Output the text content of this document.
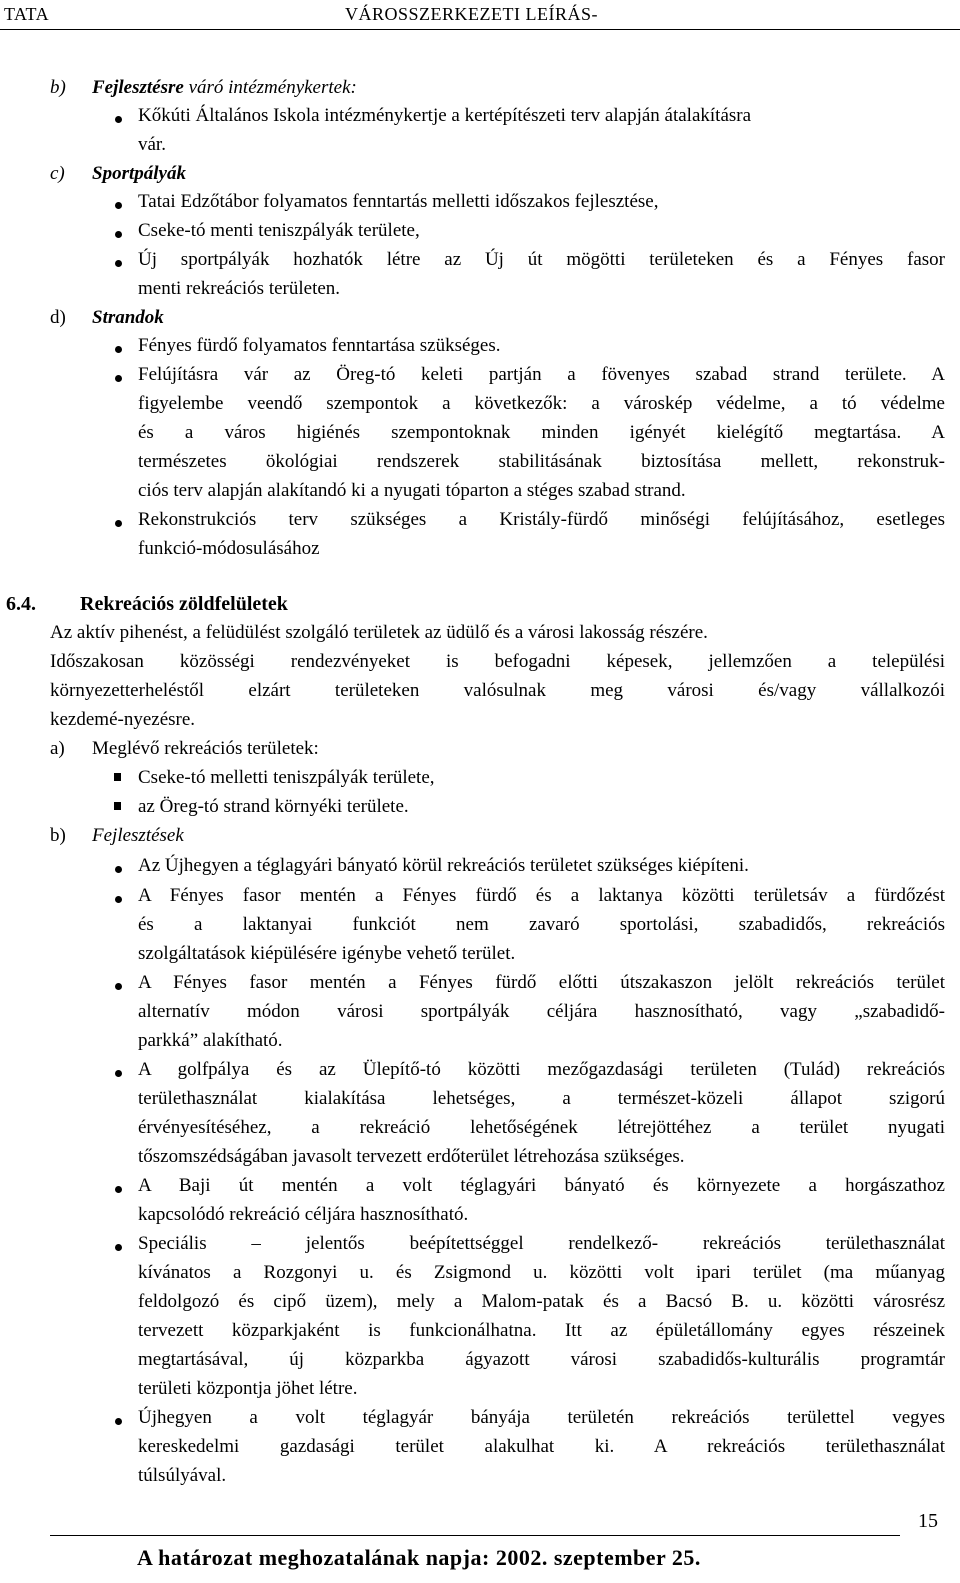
TATA	VÁROSSZERKEZETI LEÍRÁS-
b) Fejlesztésre váró intézménykertek:
Kőkúti Általános Iskola intézménykertje a kertépítészeti terv alapján átalakításra
vár.
c) Sportpályák
Tatai Edzőtábor folyamatos fenntartás melletti időszakos fejlesztése,
Cseke-tó menti teniszpályák területe,
Új sportpályák hozhatók létre az Új út mögötti területeken és a Fényes fasor
menti rekreációs területen.
d) Strandok
Fényes fürdő folyamatos fenntartása szükséges.
Felújításra vár az Öreg-tó keleti partján a fövenyes szabad strand területe. A
figyelembe veendő szempontok a következők: a városkép védelme, a tó védelme
és a város higiénés szempontoknak minden igényét kielégítő megtartása. A
természetes ökológiai rendszerek stabilitásának biztosítása mellett, rekonstruk-
ciós terv alapján alakítandó ki a nyugati tóparton a stéges szabad strand.
Rekonstrukciós terv szükséges a Kristály-fürdő minőségi felújításához, esetleges
funkció-módosulásához
6.4. Rekreációs zöldfelületek
Az aktív pihenést, a felüdülést szolgáló területek az üdülő és a városi lakosság részére.
Időszakosan közösségi rendezvényeket is befogadni képesek, jellemzően a települési
környezetterheléstől elzárt területeken valósulnak meg városi és/vagy vállalkozói
kezdemé-nyezésre.
a) Meglévő rekreációs területek:
Cseke-tó melletti teniszpályák területe,
az Öreg-tó strand környéki területe.
b) Fejlesztések
Az Újhegyen a téglagyári bányató körül rekreációs területet szükséges kiépíteni.
A Fényes fasor mentén a Fényes fürdő és a laktanya közötti területsáv a fürdőzést
és a laktanyai funkciót nem zavaró sportolási, szabadidős, rekreációs
szolgáltatások kiépülésére igénybe vehető terület.
A Fényes fasor mentén a Fényes fürdő előtti útszakaszon jelölt rekreációs terület
alternatív módon városi sportpályák céljára hasznosítható, vagy „szabadidő-
parkká” alakítható.
A golfpálya és az Ülepítő-tó közötti mezőgazdasági területen (Tulád) rekreációs
területhasználat kialakítása lehetséges, a természet-közeli állapot szigorú
érvényesítéséhez, a rekreáció lehetőségének létrejöttéhez a terület nyugati
tőszomszédságában javasolt tervezett erdőterület létrehozása szükséges.
A Baji út mentén a volt téglagyári bányató és környezete a horgászathoz
kapcsolódó rekreáció céljára hasznosítható.
Speciális – jelentős beépítettséggel rendelkező- rekreációs területhasználat
kívánatos a Rozgonyi u. és Zsigmond u. közötti volt ipari terület (ma műanyag
feldolgozó és cipő üzem), mely a Malom-patak és a Bacsó B. u. közötti városrész
tervezett közparkjaként is funkcionálhatna. Itt az épületállomány egyes részeinek
megtartásával, új közparkba ágyazott városi szabadidős-kulturális programtár
területi központja jöhet létre.
Újhegyen a volt téglagyár bányája területén rekreációs területtel vegyes
kereskedelmi gazdasági terület alakulhat ki. A rekreációs területhasználat
túlsúlyával.
15
A határozat meghozatalának napja: 2002. szeptember 25.
